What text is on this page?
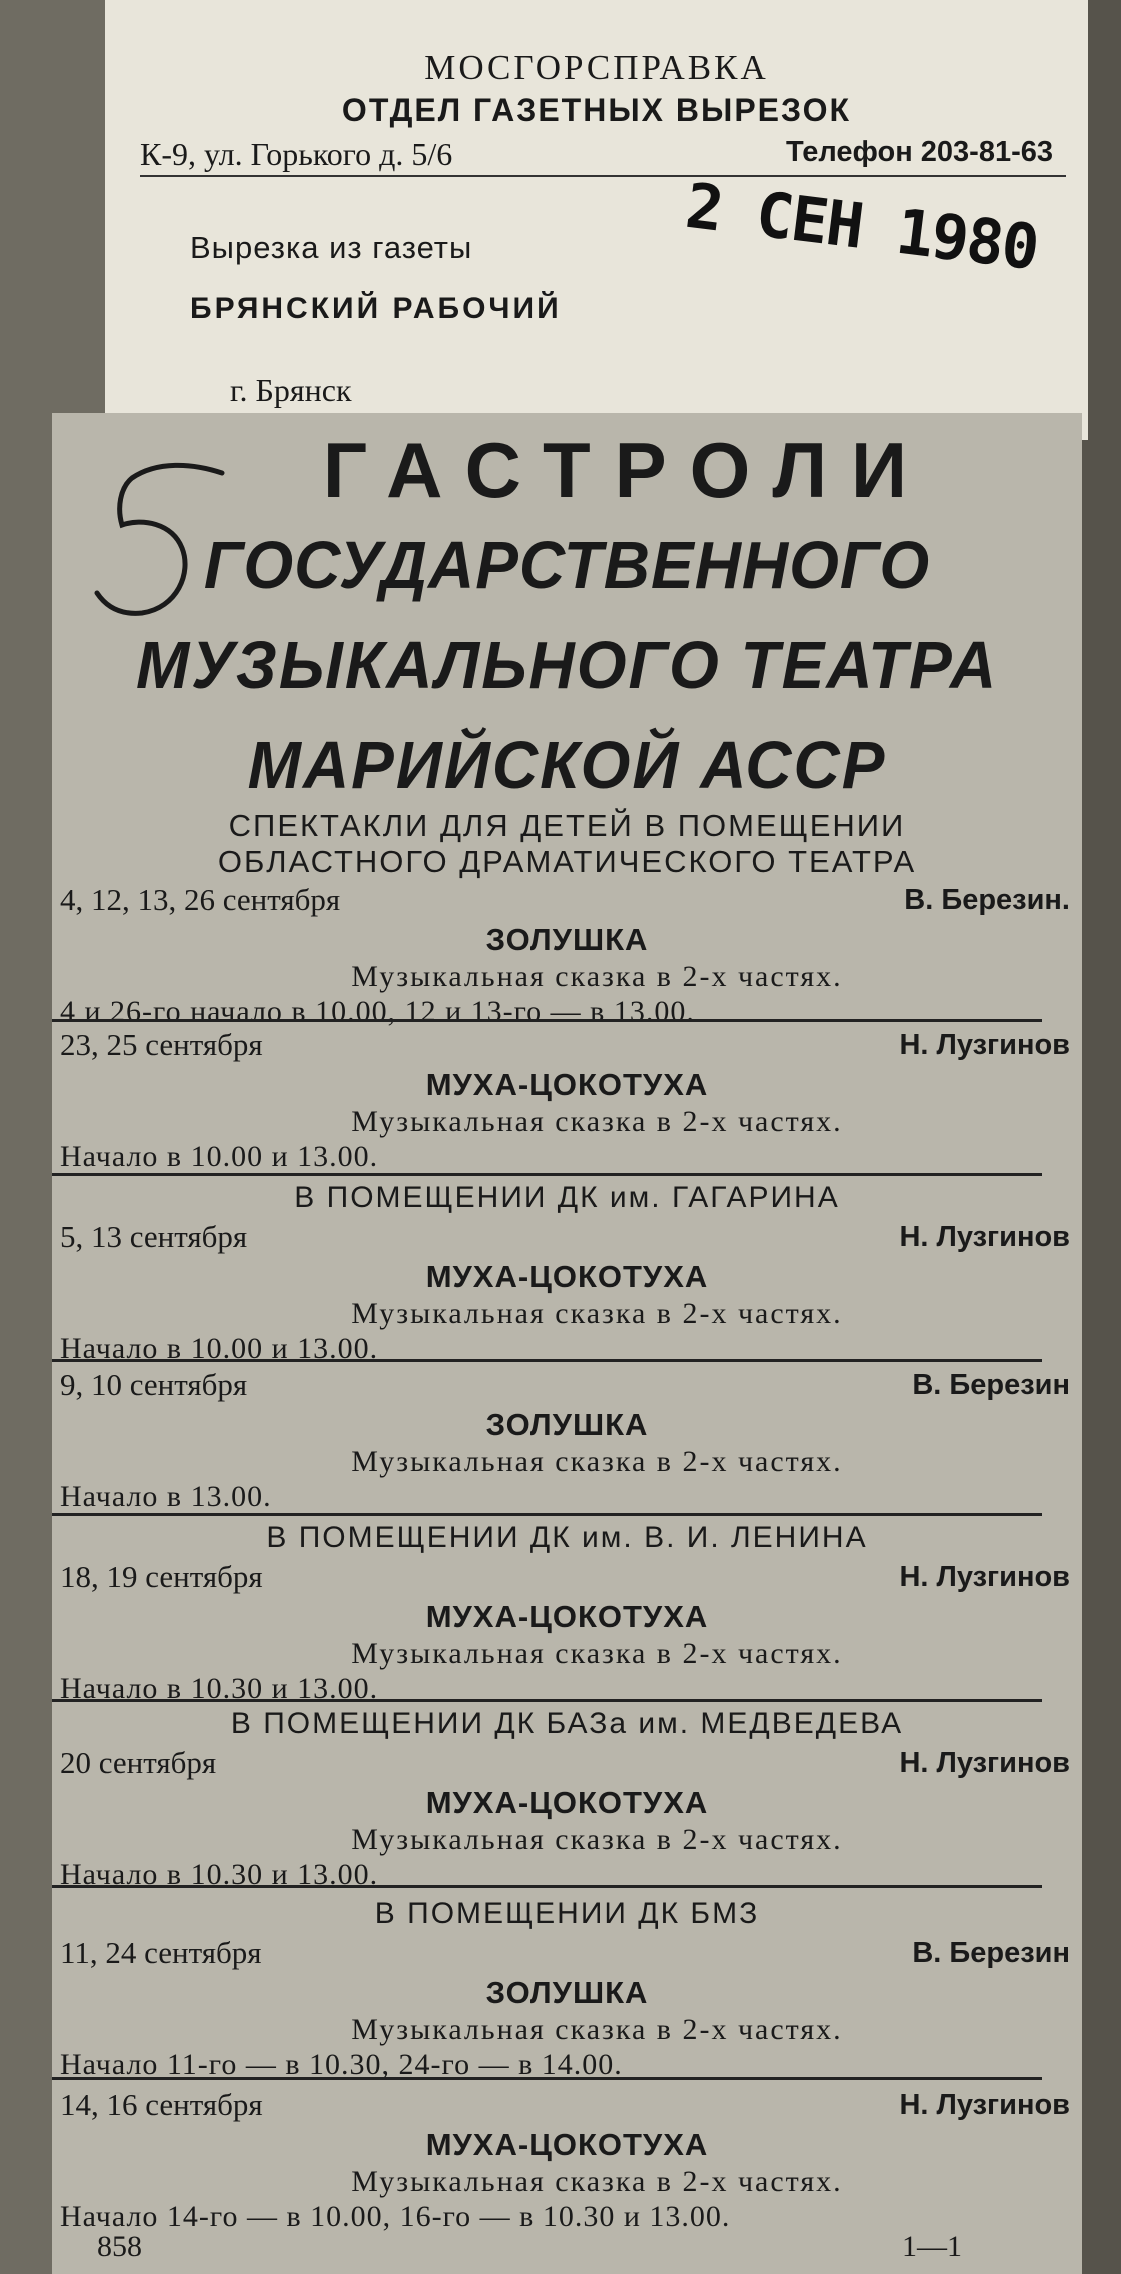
МОСГОРСПРАВКА
ОТДЕЛ ГАЗЕТНЫХ ВЫРЕЗОК
К-9, ул. Горького д. 5/6	Телефон 203-81-63
Вырезка из газеты
БРЯНСКИЙ РАБОЧИЙ
г. Брянск
2 СЕН 1980
ГАСТРОЛИ
ГОСУДАРСТВЕННОГО
МУЗЫКАЛЬНОГО ТЕАТРА
МАРИЙСКОЙ АССР
СПЕКТАКЛИ ДЛЯ ДЕТЕЙ В ПОМЕЩЕНИИ
ОБЛАСТНОГО ДРАМАТИЧЕСКОГО ТЕАТРА
4, 12, 13, 26 сентября	В. Березин.
ЗОЛУШКА
Музыкальная сказка в 2-х частях.
4 и 26-го начало в 10.00, 12 и 13-го — в 13.00.
23, 25 сентября	Н. Лузгинов
МУХА-ЦОКОТУХА
Музыкальная сказка в 2-х частях.
Начало в 10.00 и 13.00.
В ПОМЕЩЕНИИ ДК им. ГАГАРИНА
5, 13 сентября	Н. Лузгинов
МУХА-ЦОКОТУХА
Музыкальная сказка в 2-х частях.
Начало в 10.00 и 13.00.
9, 10 сентября	В. Березин
ЗОЛУШКА
Музыкальная сказка в 2-х частях.
Начало в 13.00.
В ПОМЕЩЕНИИ ДК им. В. И. ЛЕНИНА
18, 19 сентября	Н. Лузгинов
МУХА-ЦОКОТУХА
Музыкальная сказка в 2-х частях.
Начало в 10.30 и 13.00.
В ПОМЕЩЕНИИ ДК БАЗа им. МЕДВЕДЕВА
20 сентября	Н. Лузгинов
МУХА-ЦОКОТУХА
Музыкальная сказка в 2-х частях.
Начало в 10.30 и 13.00.
В ПОМЕЩЕНИИ ДК БМЗ
11, 24 сентября	В. Березин
ЗОЛУШКА
Музыкальная сказка в 2-х частях.
Начало 11-го — в 10.30, 24-го — в 14.00.
14, 16 сентября	Н. Лузгинов
МУХА-ЦОКОТУХА
Музыкальная сказка в 2-х частях.
Начало 14-го — в 10.00, 16-го — в 10.30 и 13.00.
858	1—1
